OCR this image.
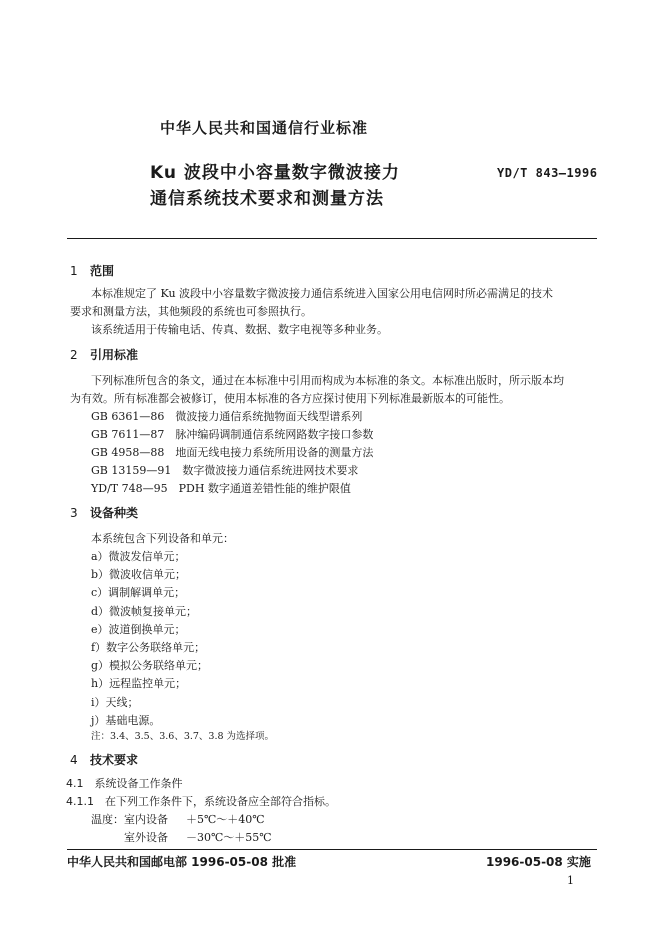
中华人民共和国通信行业标准
Ku 波段中小容量数字微波接力
通信系统技术要求和测量方法
YD/T 843—1996
1 范围
本标准规定了 Ku 波段中小容量数字微波接力通信系统进入国家公用电信网时所必需满足的技术
要求和测量方法，其他频段的系统也可参照执行。
该系统适用于传输电话、传真、数据、数字电视等多种业务。
2 引用标准
下列标准所包含的条文，通过在本标准中引用而构成为本标准的条文。本标准出版时，所示版本均
为有效。所有标准都会被修订，使用本标准的各方应探讨使用下列标准最新版本的可能性。
GB 6361—86　微波接力通信系统抛物面天线型谱系列
GB 7611—87　脉冲编码调制通信系统网路数字接口参数
GB 4958—88　地面无线电接力系统所用设备的测量方法
GB 13159—91　数字微波接力通信系统进网技术要求
YD/T 748—95　PDH 数字通道差错性能的维护限值
3 设备种类
本系统包含下列设备和单元：
a）微波发信单元；
b）微波收信单元；
c）调制解调单元；
d）微波帧复接单元；
e）波道倒换单元；
f）数字公务联络单元；
g）模拟公务联络单元；
h）远程监控单元；
i）天线；
j）基础电源。
注：3.4、3.5、3.6、3.7、3.8 为选择项。
4 技术要求
4.1　系统设备工作条件
4.1.1　在下列工作条件下，系统设备应全部符合指标。
温度：室内设备 ＋5℃～＋40℃
室外设备 －30℃～＋55℃
中华人民共和国邮电部 1996-05-08 批准	1996-05-08 实施
1
